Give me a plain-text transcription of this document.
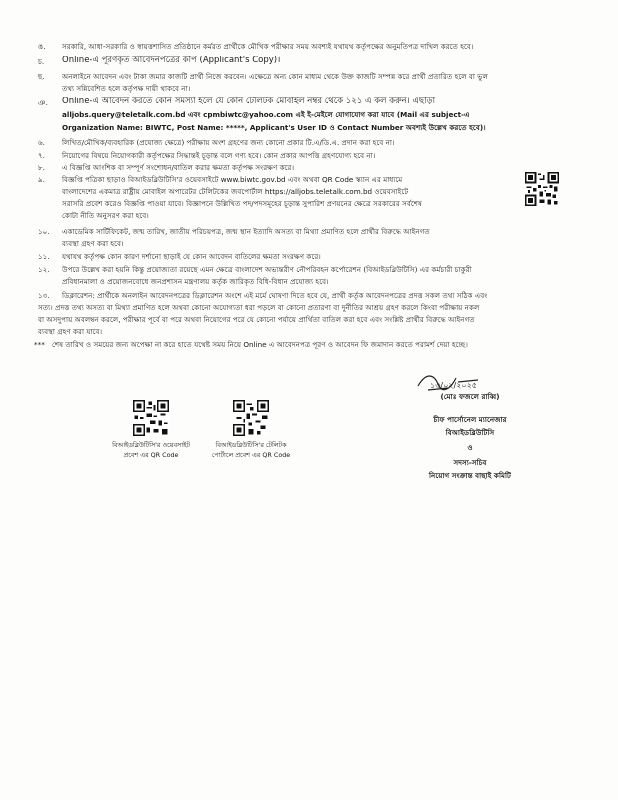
ঙ. সরকারি, আধা-সরকারি ও স্বায়ত্তশাসিত প্রতিষ্ঠানে কর্মরত প্রার্থীকে মৌখিক পরীক্ষার সময় অবশ্যই যথাযথ কর্তৃপক্ষের অনুমতিপত্র দাখিল করতে হবে।
চ. Online-এ পূরণকৃত আবেদনপত্রের কপি (Applicant's Copy)।
ছ. অনলাইনে আবেদন এবং টাকা জমার কাজটি প্রার্থী নিজে করবেন। এক্ষেত্রে অন্য কোন মাধ্যম থেকে উক্ত কাজটি সম্পন্ন করে প্রার্থী প্রতারিত হলে বা ভুল
তথ্য সন্নিবেশিত হলে কর্তৃপক্ষ দায়ী থাকবে না।
ঞ. Online-এ আবেদন করতে কোন সমস্যা হলে যে কোন টেলিটক মোবাইল নম্বর থেকে ১২১ এ কল করুন। এছাড়া
alljobs.query@teletalk.com.bd এবং cpmbiwtc@yahoo.com এই ই-মেইলে যোগাযোগ করা যাবে (Mail এর subject-এ
Organization Name: BIWTC, Post Name: *****, Applicant's User ID ও Contact Number অবশ্যই উল্লেখ করতে হবে)।
৬. লিখিত/মৌখিক/ব্যবহারিক (প্রযোজ্য ক্ষেত্রে) পরীক্ষায় অংশ গ্রহণের জন্য কোনো প্রকার টি.এ/ডি.এ. প্রদান করা হবে না।
৭. নিয়োগের বিষয়ে নিয়োগকারী কর্তৃপক্ষের সিদ্ধান্তই চূড়ান্ত বলে গণ্য হবে। কোন প্রকার আপত্তি গ্রহণযোগ্য হবে না।
৮. এ বিজ্ঞপ্তি আংশিক বা সম্পূর্ণ সংশোধন/বাতিল করার ক্ষমতা কর্তৃপক্ষ সংরক্ষণ করে।
৯. বিজ্ঞপ্তি পত্রিকা ছাড়াও বিআইডব্লিউটিসি'র ওয়েবসাইটে www.biwtc.gov.bd এবং অথবা QR Code স্ক্যান এর মাধ্যমে
বাংলাদেশের একমাত্র রাষ্ট্রীয় মোবাইল অপারেটর টেলিটকের জবপোর্টাল https://alljobs.teletalk.com.bd ওয়েবসাইটে
সরাসরি প্রবেশ করেও বিজ্ঞপ্তি পাওয়া যাবে। বিজ্ঞাপনে উল্লিখিত পদ/পদসমূহের চূড়ান্ত সুপারিশ প্রণয়নের ক্ষেত্রে সরকারের সর্বশেষ
কোটা নীতি অনুসরণ করা হবে।
১০. একাডেমিক সার্টিফিকেট, জন্ম তারিখ, জাতীয় পরিচয়পত্র, জন্ম স্থান ইত্যাদি অসত্য বা মিথ্যা প্রমাণিত হলে প্রার্থীর বিরুদ্ধে আইনগত
ব্যবস্থা গ্রহণ করা হবে।
১১. যথাযথ কর্তৃপক্ষ কোন কারণ দর্শানো ছাড়াই যে কোন আবেদন বাতিলের ক্ষমতা সংরক্ষণ করে।
১২. উপরে উল্লেখ করা হয়নি কিন্তু প্রয়োজ্যতা রয়েছে এমন ক্ষেত্রে বাংলাদেশ অভ্যন্তরীণ নৌপরিবহন কর্পোরেশন (বিআইডব্লিউটিসি) এর কর্মচারী চাকুরী
প্রবিধানমালা ও প্রয়োজনবোধে জনপ্রশাসন মন্ত্রণালয় কর্তৃক জারিকৃত বিধি-বিধান প্রযোজ্য হবে।
১৩. ডিক্লারেশন: প্রার্থীকে অনলাইন আবেদনপত্রের ডিক্লারেশন অংশে এই মর্মে ঘোষণা দিতে হবে যে, প্রার্থী কর্তৃক আবেদনপত্রের প্রদত্ত সকল তথ্য সঠিক এবং
সত্য। প্রদত্ত তথ্য অসত্য বা মিথ্যা প্রমাণিত হলে অথবা কোনো অযোগ্যতা ধরা পড়লে বা কোনো প্রতারণা বা দুর্নীতির আশ্রয় গ্রহণ করলে কিংবা পরীক্ষায় নকল
বা অসদুপায় অবলম্বন করলে, পরীক্ষার পূর্বে বা পরে অথবা নিয়োগের পরে যে কোনো পর্যায়ে প্রার্থিতা বাতিল করা হবে এবং সংশ্লিষ্ট প্রার্থীর বিরুদ্ধে আইনগত
ব্যবস্থা গ্রহণ করা যাবে।
*** শেষ তারিখ ও সময়ের জন্য অপেক্ষা না করে হাতে যথেষ্ট সময় নিয়ে Online এ আবেদনপত্র পূরণ ও আবেদন ফি জমাদান করতে পরামর্শ দেয়া হচ্ছে।
১৩/০২/২০২৫
(মোঃ ফজলে রাব্বি)
চীফ পার্সোনেল ম্যানেজার
বিআইডব্লিউটিসি
ও
সদস্য-সচিব
নিয়োগ সংক্রান্ত বাছাই কমিটি
বিআইডব্লিউটিসি'র ওয়েবসাইট
প্রবেশ এর QR Code
বিআইডব্লিউটিসি'র টেলিটক
পোর্টালে প্রবেশ এর QR Code
